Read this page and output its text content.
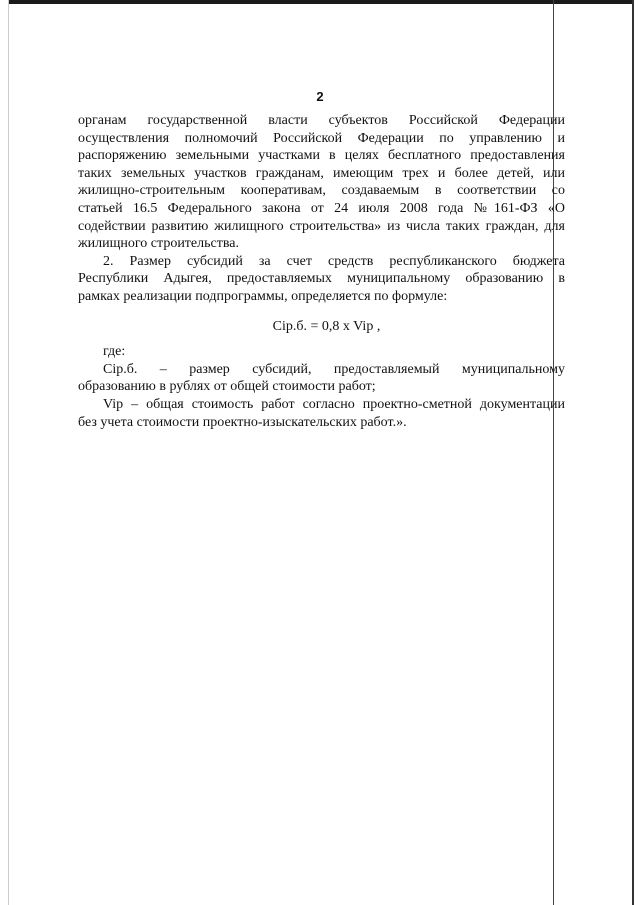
2
органам государственной власти субъектов Российской Федерации
осуществления полномочий Российской Федерации по управлению и
распоряжению земельными участками в целях бесплатного предоставления
таких земельных участков гражданам, имеющим трех и более детей, или
жилищно-строительным кооперативам, создаваемым в соответствии со
статьей 16.5 Федерального закона от 24 июля 2008 года №161-ФЗ «О
содействии развитию жилищного строительства» из числа таких граждан, для
жилищного строительства.
2. Размер субсидий за счет средств республиканского бюджета
Республики Адыгея, предоставляемых муниципальному образованию в
рамках реализации подпрограммы, определяется по формуле:
Сiр.б. = 0,8 x Vip ,
где:
Сiр.б. – размер субсидий, предоставляемый муниципальному
образованию в рублях от общей стоимости работ;
Vip – общая стоимость работ согласно проектно-сметной документации
без учета стоимости проектно-изыскательских работ.».
